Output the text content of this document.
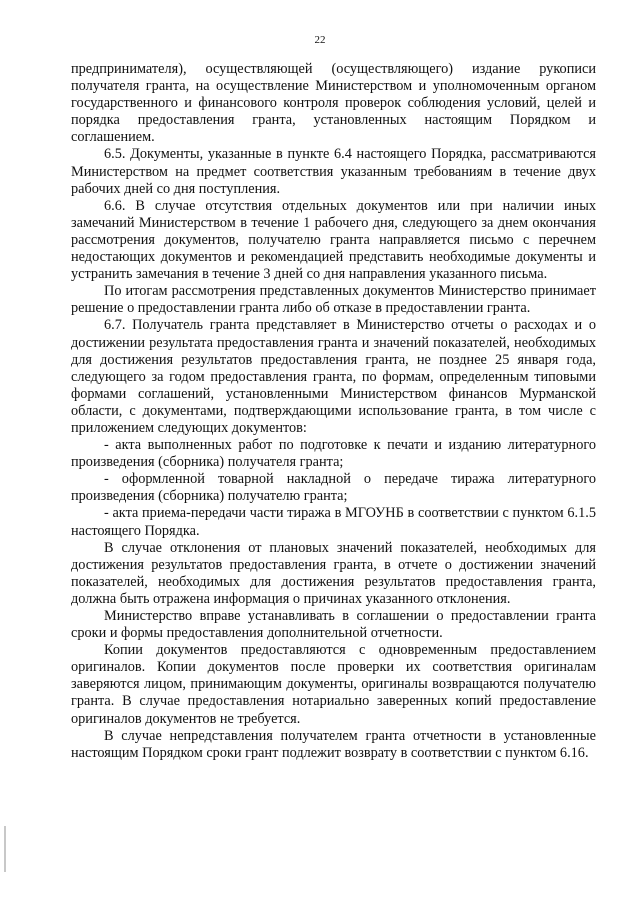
22

предпринимателя), осуществляющей (осуществляющего) издание рукописи получателя гранта, на осуществление Министерством и уполномоченным органом государственного и финансового контроля проверок соблюдения условий, целей и порядка предоставления гранта, установленных настоящим Порядком и соглашением.

6.5. Документы, указанные в пункте 6.4 настоящего Порядка, рассматриваются Министерством на предмет соответствия указанным требованиям в течение двух рабочих дней со дня поступления.

6.6. В случае отсутствия отдельных документов или при наличии иных замечаний Министерством в течение 1 рабочего дня, следующего за днем окончания рассмотрения документов, получателю гранта направляется письмо с перечнем недостающих документов и рекомендацией представить необходимые документы и устранить замечания в течение 3 дней со дня направления указанного письма.

По итогам рассмотрения представленных документов Министерство принимает решение о предоставлении гранта либо об отказе в предоставлении гранта.

6.7. Получатель гранта представляет в Министерство отчеты о расходах и о достижении результата предоставления гранта и значений показателей, необходимых для достижения результатов предоставления гранта, не позднее 25 января года, следующего за годом предоставления гранта, по формам, определенным типовыми формами соглашений, установленными Министерством финансов Мурманской области, с документами, подтверждающими использование гранта, в том числе с приложением следующих документов:

- акта выполненных работ по подготовке к печати и изданию литературного произведения (сборника) получателя гранта;

- оформленной товарной накладной о передаче тиража литературного произведения (сборника) получателю гранта;

- акта приема-передачи части тиража в МГОУНБ в соответствии с пунктом 6.1.5 настоящего Порядка.

В случае отклонения от плановых значений показателей, необходимых для достижения результатов предоставления гранта, в отчете о достижении значений показателей, необходимых для достижения результатов предоставления гранта, должна быть отражена информация о причинах указанного отклонения.

Министерство вправе устанавливать в соглашении о предоставлении гранта сроки и формы предоставления дополнительной отчетности.

Копии документов предоставляются с одновременным предоставлением оригиналов. Копии документов после проверки их соответствия оригиналам заверяются лицом, принимающим документы, оригиналы возвращаются получателю гранта. В случае предоставления нотариально заверенных копий предоставление оригиналов документов не требуется.

В случае непредставления получателем гранта отчетности в установленные настоящим Порядком сроки грант подлежит возврату в соответствии с пунктом 6.16.
